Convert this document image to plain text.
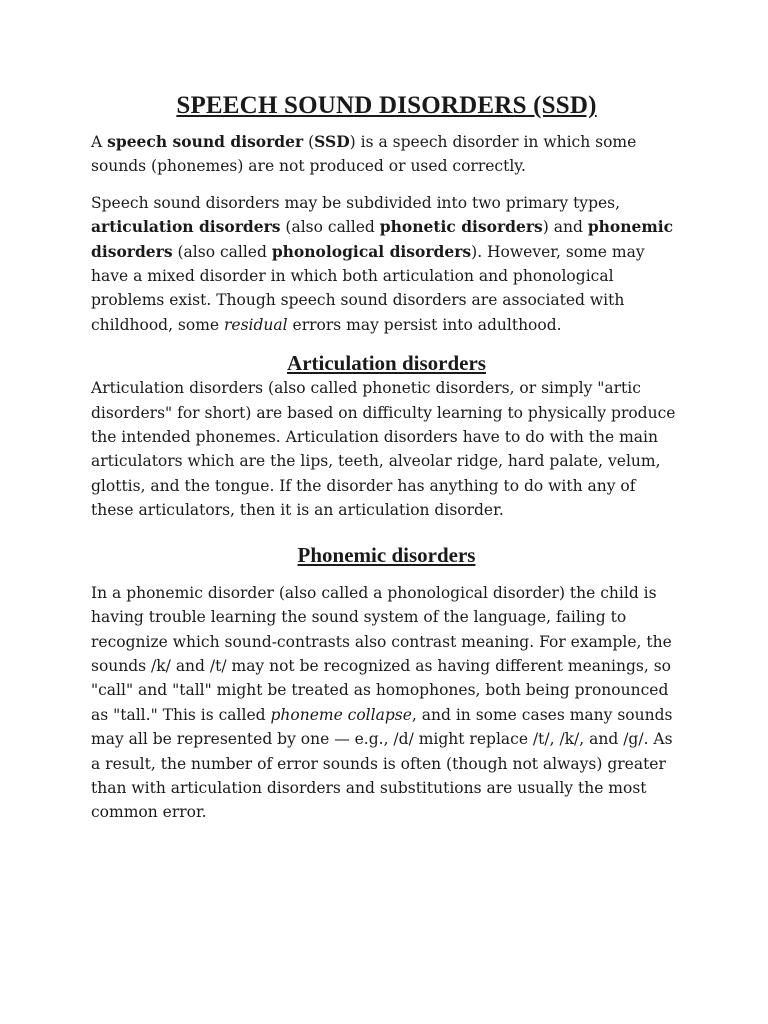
SPEECH SOUND DISORDERS (SSD)

A speech sound disorder (SSD) is a speech disorder in which some sounds (phonemes) are not produced or used correctly.

Speech sound disorders may be subdivided into two primary types, articulation disorders (also called phonetic disorders) and phonemic disorders (also called phonological disorders). However, some may have a mixed disorder in which both articulation and phonological problems exist. Though speech sound disorders are associated with childhood, some residual errors may persist into adulthood.

Articulation disorders

Articulation disorders (also called phonetic disorders, or simply "artic disorders" for short) are based on difficulty learning to physically produce the intended phonemes. Articulation disorders have to do with the main articulators which are the lips, teeth, alveolar ridge, hard palate, velum, glottis, and the tongue. If the disorder has anything to do with any of these articulators, then it is an articulation disorder.

Phonemic disorders

In a phonemic disorder (also called a phonological disorder) the child is having trouble learning the sound system of the language, failing to recognize which sound-contrasts also contrast meaning. For example, the sounds /k/ and /t/ may not be recognized as having different meanings, so "call" and "tall" might be treated as homophones, both being pronounced as "tall." This is called phoneme collapse, and in some cases many sounds may all be represented by one — e.g., /d/ might replace /t/, /k/, and /g/. As a result, the number of error sounds is often (though not always) greater than with articulation disorders and substitutions are usually the most common error.
